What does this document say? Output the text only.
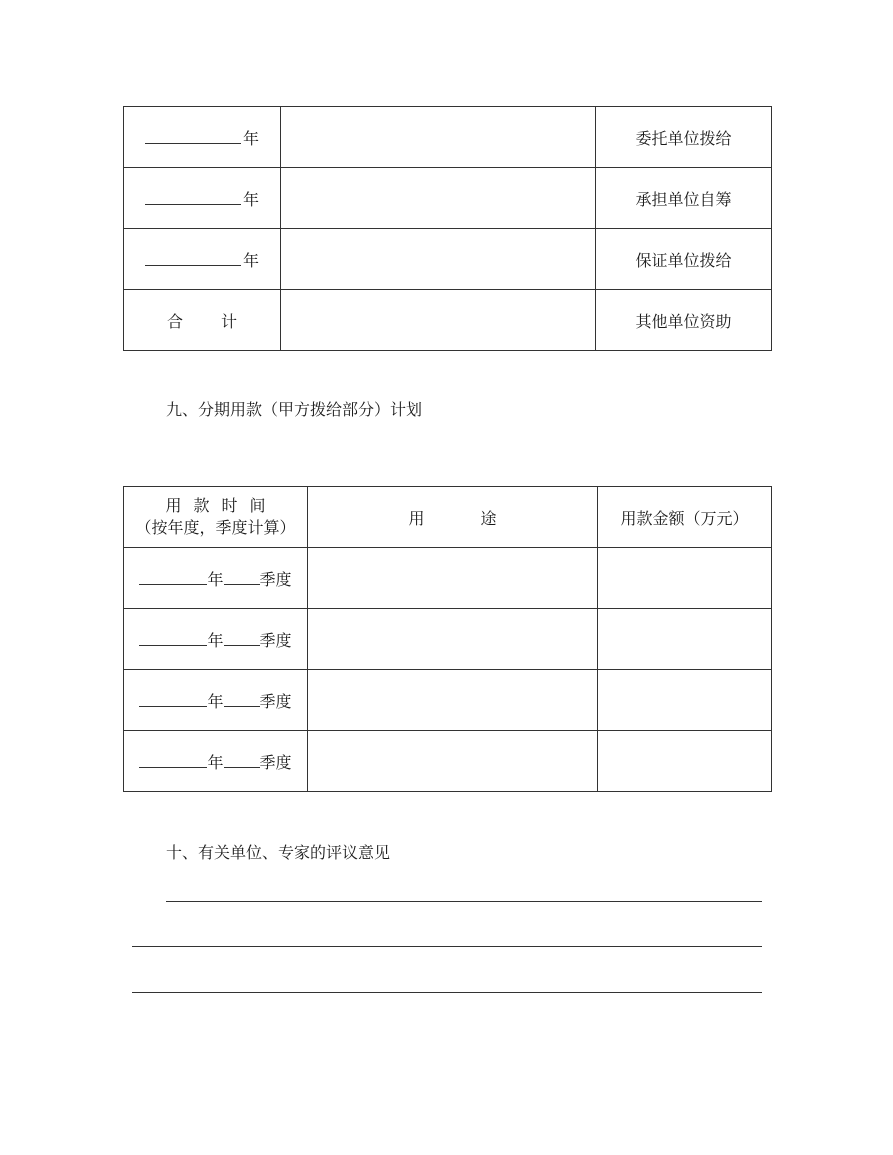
年		委托单位拨给
年		承担单位自筹
年		保证单位拨给
合 计		其他单位资助
九、分期用款（甲方拨给部分）计划
用款时间
（按年度，季度计算）	用 途	用款金额（万元）
年 季度		
年 季度		
年 季度		
年 季度		
十、有关单位、专家的评议意见
